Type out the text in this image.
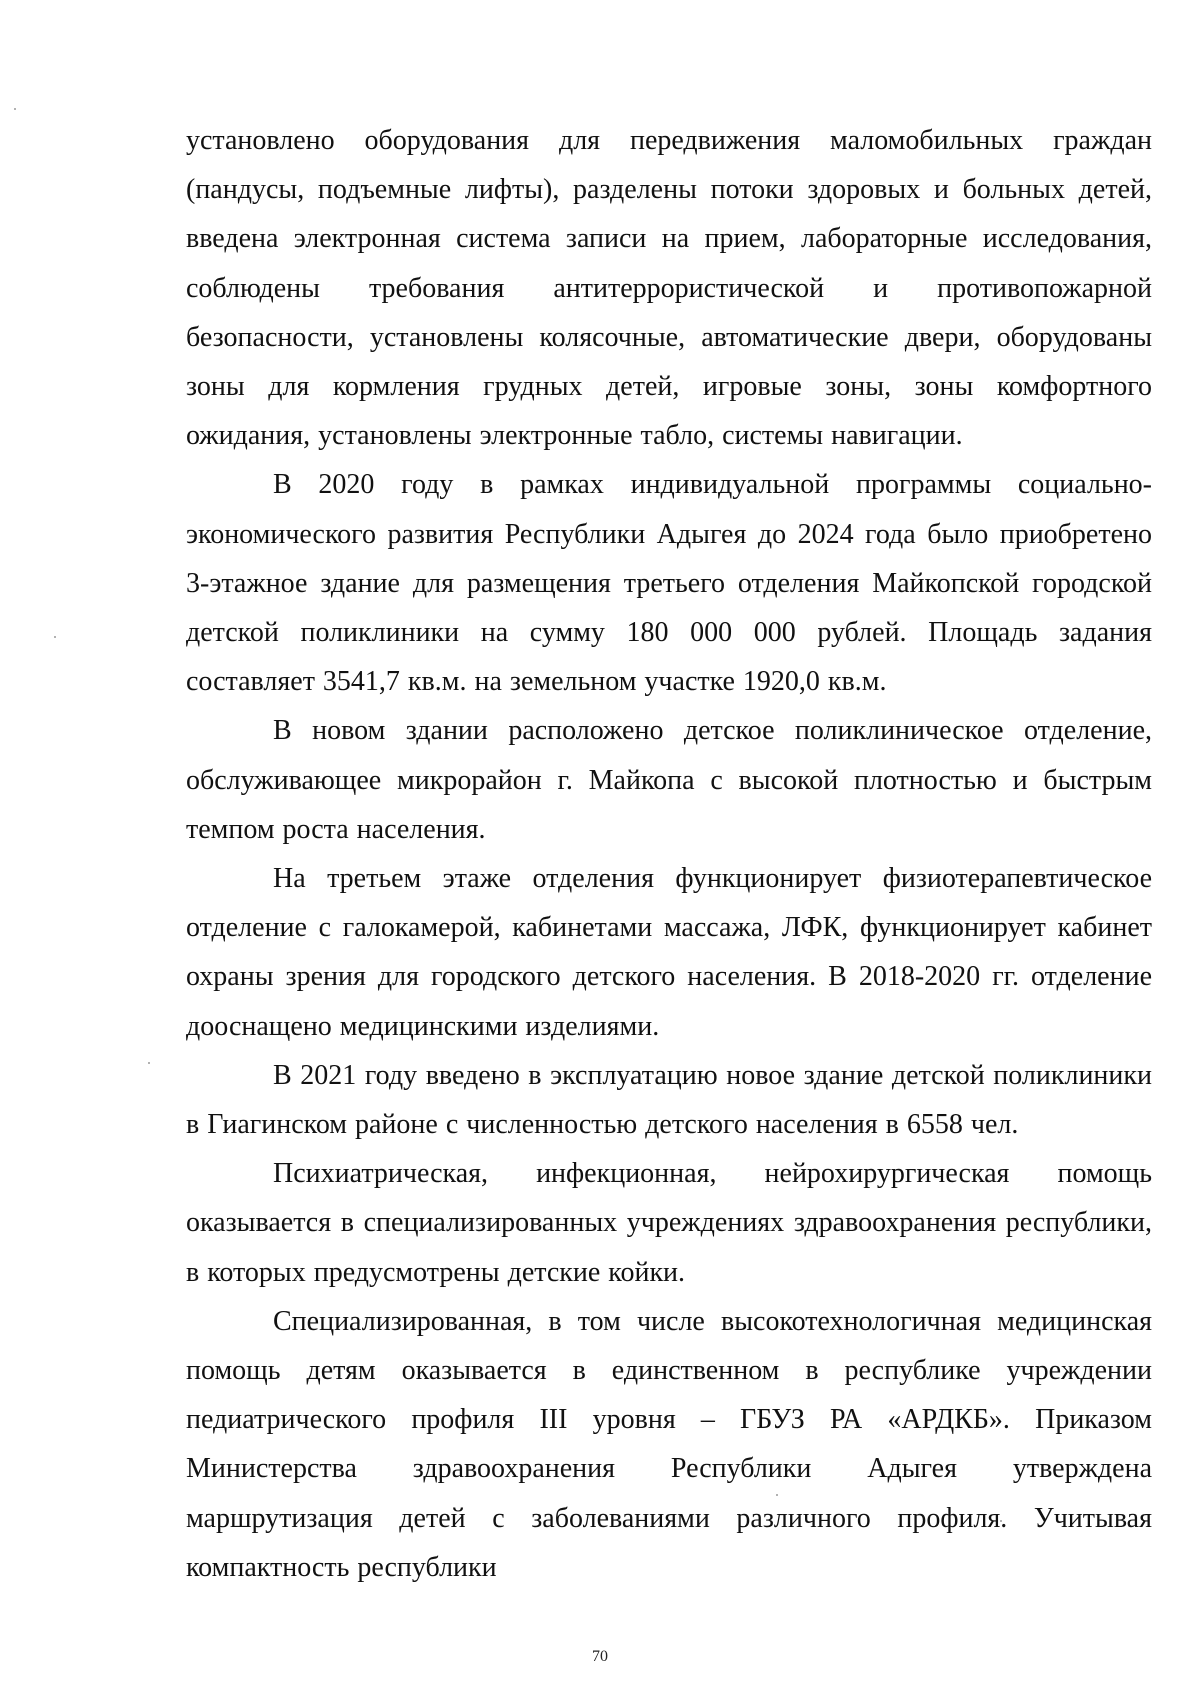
установлено оборудования для передвижения маломобильных граждан (пандусы, подъемные лифты), разделены потоки здоровых и больных детей, введена электронная система записи на прием, лабораторные исследования, соблюдены требования антитеррористической и противопожарной безопасности, установлены колясочные, автоматические двери, оборудованы зоны для кормления грудных детей, игровые зоны, зоны комфортного ожидания, установлены электронные табло, системы навигации.

В 2020 году в рамках индивидуальной программы социально-экономического развития Республики Адыгея до 2024 года было приобретено 3-этажное здание для размещения третьего отделения Майкопской городской детской поликлиники на сумму 180 000 000 рублей. Площадь задания составляет 3541,7 кв.м. на земельном участке 1920,0 кв.м.

В новом здании расположено детское поликлиническое отделение, обслуживающее микрорайон г. Майкопа с высокой плотностью и быстрым темпом роста населения.

На третьем этаже отделения функционирует физиотерапевтическое отделение с галокамерой, кабинетами массажа, ЛФК, функционирует кабинет охраны зрения для городского детского населения. В 2018-2020 гг. отделение дооснащено медицинскими изделиями.

В 2021 году введено в эксплуатацию новое здание детской поликлиники в Гиагинском районе с численностью детского населения в 6558 чел.

Психиатрическая, инфекционная, нейрохирургическая помощь оказывается в специализированных учреждениях здравоохранения республики, в которых предусмотрены детские койки.

Специализированная, в том числе высокотехнологичная медицинская помощь детям оказывается в единственном в республике учреждении педиатрического профиля III уровня – ГБУЗ РА «АРДКБ». Приказом Министерства здравоохранения Республики Адыгея утверждена маршрутизация детей с заболеваниями различного профиля. Учитывая компактность республики

70
